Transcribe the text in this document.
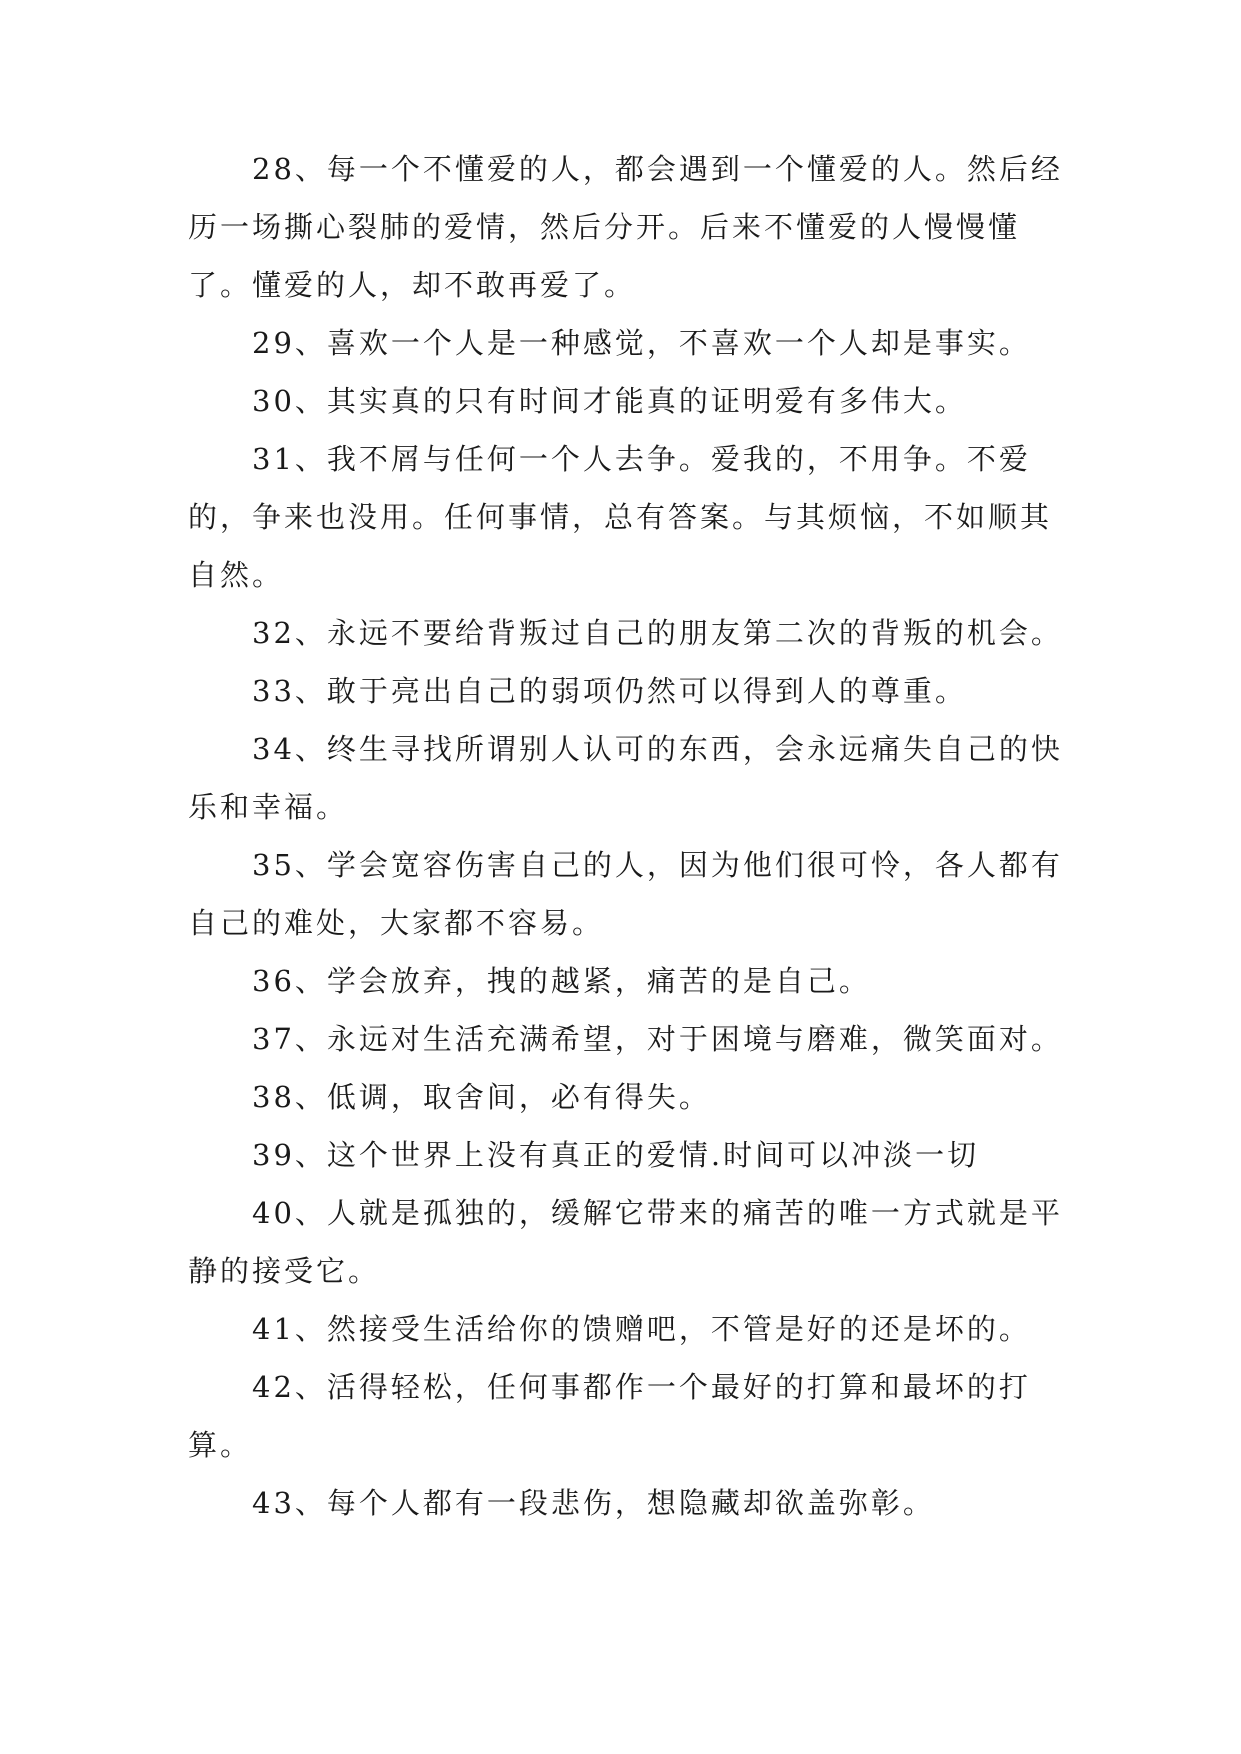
28、每一个不懂爱的人，都会遇到一个懂爱的人。然后经历一场撕心裂肺的爱情，然后分开。后来不懂爱的人慢慢懂了。懂爱的人，却不敢再爱了。

29、喜欢一个人是一种感觉，不喜欢一个人却是事实。

30、其实真的只有时间才能真的证明爱有多伟大。

31、我不屑与任何一个人去争。爱我的，不用争。不爱的，争来也没用。任何事情，总有答案。与其烦恼，不如顺其自然。

32、永远不要给背叛过自己的朋友第二次的背叛的机会。

33、敢于亮出自己的弱项仍然可以得到人的尊重。

34、终生寻找所谓别人认可的东西，会永远痛失自己的快乐和幸福。

35、学会宽容伤害自己的人，因为他们很可怜，各人都有自己的难处，大家都不容易。

36、学会放弃，拽的越紧，痛苦的是自己。

37、永远对生活充满希望，对于困境与磨难，微笑面对。

38、低调，取舍间，必有得失。

39、这个世界上没有真正的爱情.时间可以冲淡一切

40、人就是孤独的，缓解它带来的痛苦的唯一方式就是平静的接受它。

41、然接受生活给你的馈赠吧，不管是好的还是坏的。

42、活得轻松，任何事都作一个最好的打算和最坏的打算。

43、每个人都有一段悲伤，想隐藏却欲盖弥彰。
